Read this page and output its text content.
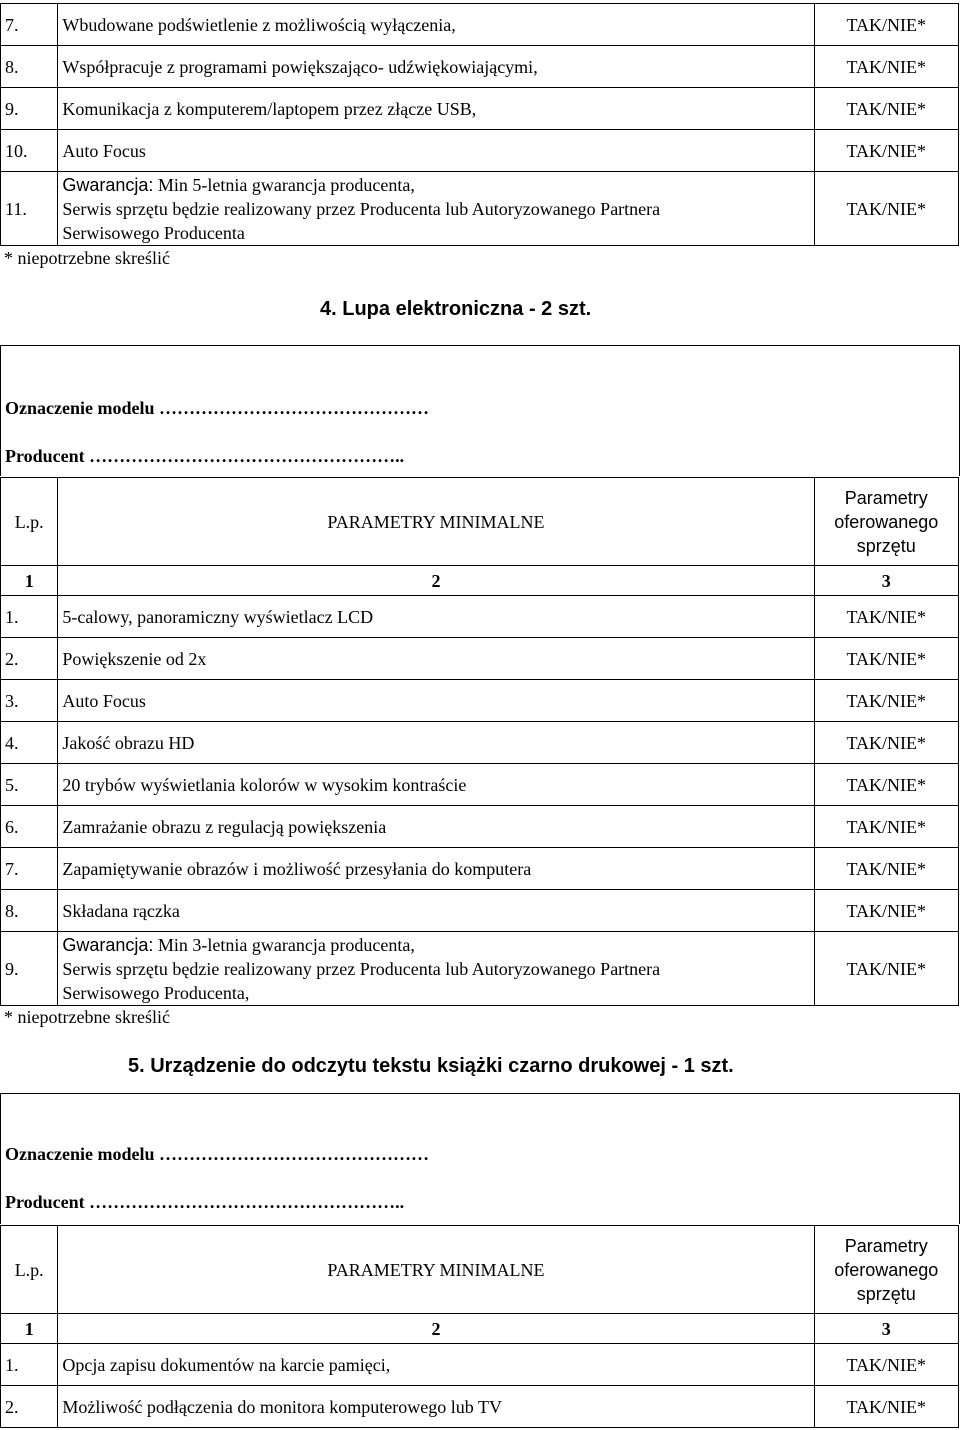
7.	Wbudowane podświetlenie z możliwością wyłączenia,	TAK/NIE*
8.	Współpracuje z programami powiększająco- udźwiękowiającymi,	TAK/NIE*
9.	Komunikacja z komputerem/laptopem przez złącze USB,	TAK/NIE*
10.	Auto Focus	TAK/NIE*
11.	Gwarancja: Min 5-letnia gwarancja producenta,
Serwis sprzętu będzie realizowany przez Producenta lub Autoryzowanego Partnera
Serwisowego Producenta	TAK/NIE*
* niepotrzebne skreślić
4. Lupa elektroniczna - 2 szt.
Oznaczenie modelu ………………………………………
Producent ……………………………………………..
L.p.	PARAMETRY MINIMALNE	Parametry
oferowanego
sprzętu

1	2	3
1.	5-calowy, panoramiczny wyświetlacz LCD	TAK/NIE*
2.	Powiększenie od 2x	TAK/NIE*
3.	Auto Focus	TAK/NIE*
4.	Jakość obrazu HD	TAK/NIE*
5.	20 trybów wyświetlania kolorów w wysokim kontraście	TAK/NIE*
6.	Zamrażanie obrazu z regulacją powiększenia	TAK/NIE*
7.	Zapamiętywanie obrazów i możliwość przesyłania do komputera	TAK/NIE*
8.	Składana rączka	TAK/NIE*
9.	Gwarancja: Min 3-letnia gwarancja producenta,
Serwis sprzętu będzie realizowany przez Producenta lub Autoryzowanego Partnera
Serwisowego Producenta,	TAK/NIE*
* niepotrzebne skreślić
5. Urządzenie do odczytu tekstu książki czarno drukowej - 1 szt.
Oznaczenie modelu ………………………………………
Producent ……………………………………………..
L.p.	PARAMETRY MINIMALNE	Parametry
oferowanego
sprzętu

1	2	3
1.	Opcja zapisu dokumentów na karcie pamięci,	TAK/NIE*
2.	Możliwość podłączenia do monitora komputerowego lub TV	TAK/NIE*
